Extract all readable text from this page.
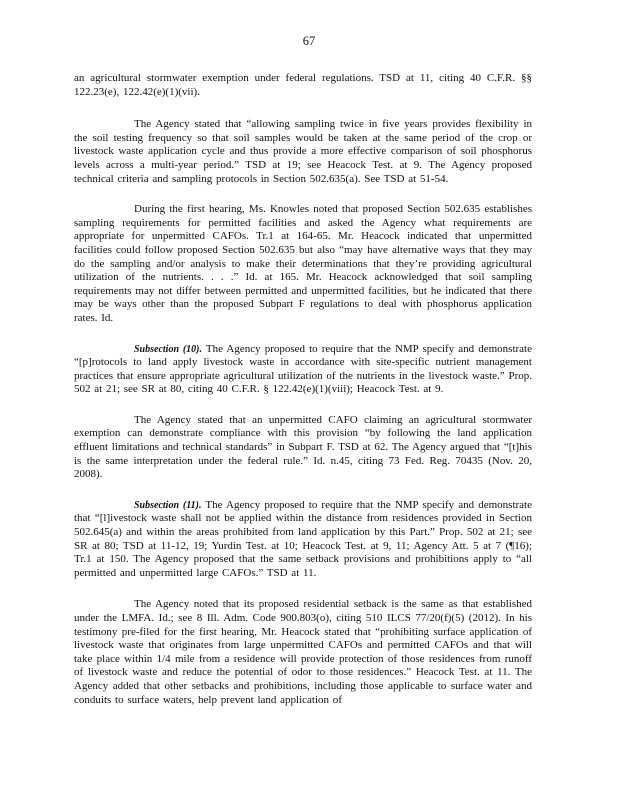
67

an agricultural stormwater exemption under federal regulations. TSD at 11, citing 40 C.F.R. §§ 122.23(e), 122.42(e)(1)(vii).

The Agency stated that “allowing sampling twice in five years provides flexibility in the soil testing frequency so that soil samples would be taken at the same period of the crop or livestock waste application cycle and thus provide a more effective comparison of soil phosphorus levels across a multi-year period.” TSD at 19; see Heacock Test. at 9. The Agency proposed technical criteria and sampling protocols in Section 502.635(a). See TSD at 51-54.

During the first hearing, Ms. Knowles noted that proposed Section 502.635 establishes sampling requirements for permitted facilities and asked the Agency what requirements are appropriate for unpermitted CAFOs. Tr.1 at 164-65. Mr. Heacock indicated that unpermitted facilities could follow proposed Section 502.635 but also “may have alternative ways that they may do the sampling and/or analysis to make their determinations that they’re providing agricultural utilization of the nutrients. . . .” Id. at 165. Mr. Heacock acknowledged that soil sampling requirements may not differ between permitted and unpermitted facilities, but he indicated that there may be ways other than the proposed Subpart F regulations to deal with phosphorus application rates. Id.

Subsection (10). The Agency proposed to require that the NMP specify and demonstrate “[p]rotocols to land apply livestock waste in accordance with site-specific nutrient management practices that ensure appropriate agricultural utilization of the nutrients in the livestock waste.” Prop. 502 at 21; see SR at 80, citing 40 C.F.R. § 122.42(e)(1)(viii); Heacock Test. at 9.

The Agency stated that an unpermitted CAFO claiming an agricultural stormwater exemption can demonstrate compliance with this provision “by following the land application effluent limitations and technical standards” in Subpart F. TSD at 62. The Agency argued that “[t]his is the same interpretation under the federal rule.” Id. n.45, citing 73 Fed. Reg. 70435 (Nov. 20, 2008).

Subsection (11). The Agency proposed to require that the NMP specify and demonstrate that “[l]ivestock waste shall not be applied within the distance from residences provided in Section 502.645(a) and within the areas prohibited from land application by this Part.” Prop. 502 at 21; see SR at 80; TSD at 11-12, 19; Yurdin Test. at 10; Heacock Test. at 9, 11; Agency Att. 5 at 7 (¶16); Tr.1 at 150. The Agency proposed that the same setback provisions and prohibitions apply to “all permitted and unpermitted large CAFOs.” TSD at 11.

The Agency noted that its proposed residential setback is the same as that established under the LMFA. Id.; see 8 Ill. Adm. Code 900.803(o), citing 510 ILCS 77/20(f)(5) (2012). In his testimony pre-filed for the first hearing, Mr. Heacock stated that “prohibiting surface application of livestock waste that originates from large unpermitted CAFOs and permitted CAFOs and that will take place within 1/4 mile from a residence will provide protection of those residences from runoff of livestock waste and reduce the potential of odor to those residences.” Heacock Test. at 11. The Agency added that other setbacks and prohibitions, including those applicable to surface water and conduits to surface waters, help prevent land application of
